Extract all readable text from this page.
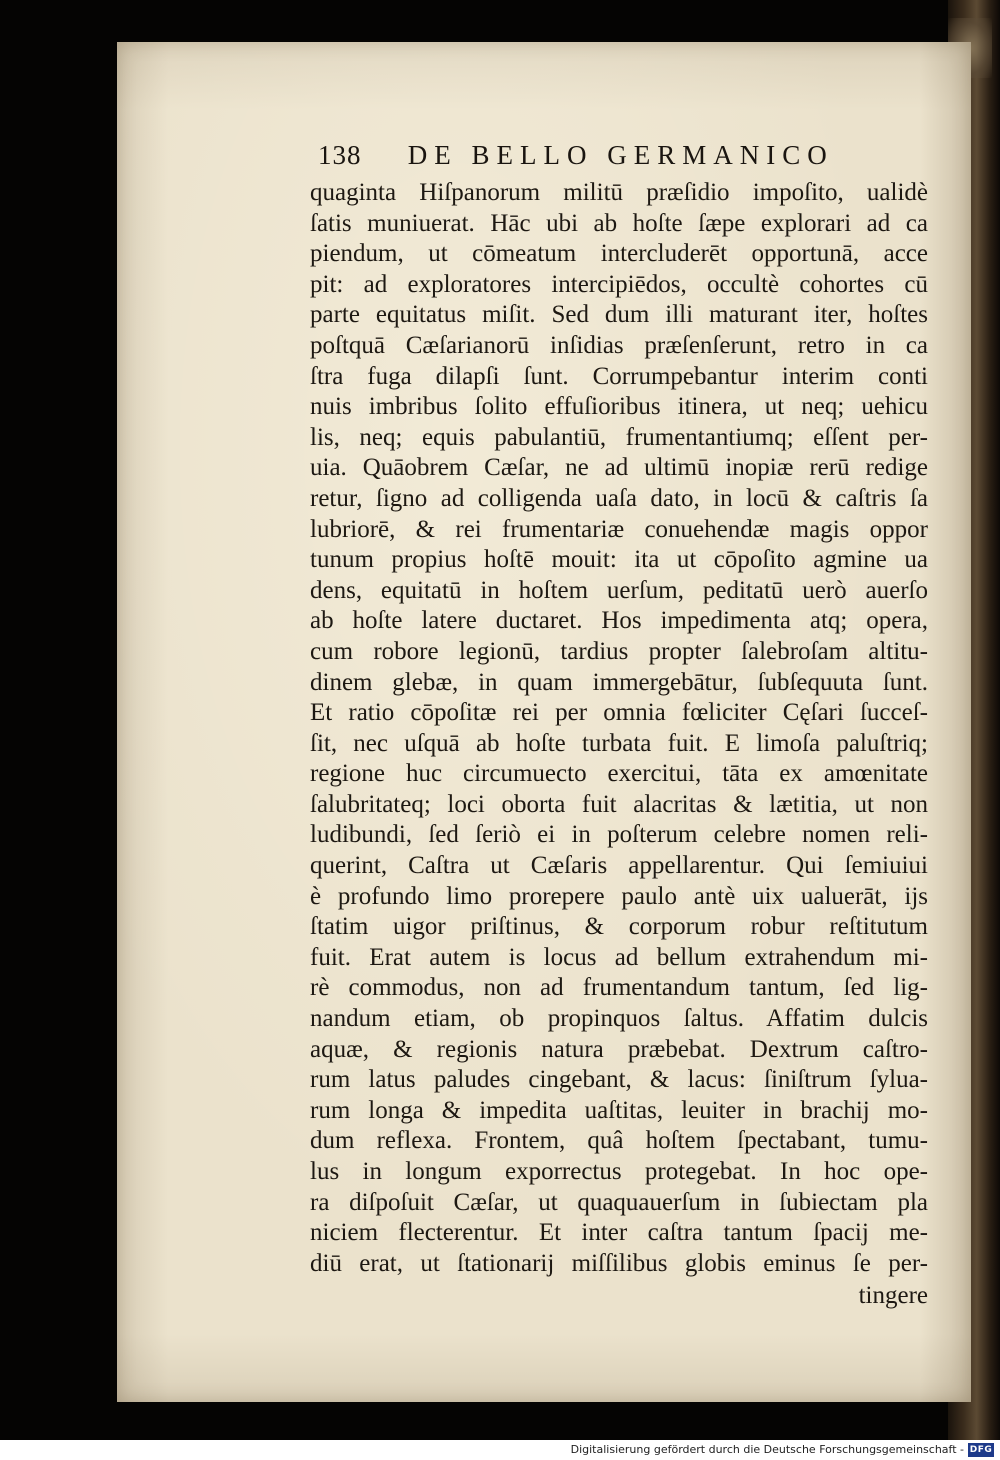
138 DE BELLO GERMANICO
quaginta Hiſpanorum militū præſidio impoſito, ualidè
ſatis muniuerat. Hāc ubi ab hoſte ſæpe explorari ad ca
piendum, ut cōmeatum intercluderēt opportunā, acce
pit: ad exploratores intercipiēdos, occultè cohortes cū
parte equitatus miſit. Sed dum illi maturant iter, hoſtes
poſtquā Cæſarianorū inſidias præſenſerunt, retro in ca
ſtra fuga dilapſi ſunt. Corrumpebantur interim conti
nuis imbribus ſolito effuſioribus itinera, ut neq; uehicu
lis, neq; equis pabulantiū, frumentantiumq; eſſent per-
uia. Quāobrem Cæſar, ne ad ultimū inopiæ rerū redige
retur, ſigno ad colligenda uaſa dato, in locū & caſtris ſa
lubriorē, & rei frumentariæ conuehendæ magis oppor
tunum propius hoſtē mouit: ita ut cōpoſito agmine ua
dens, equitatū in hoſtem uerſum, peditatū uerò auerſo
ab hoſte latere ductaret. Hos impedimenta atq; opera,
cum robore legionū, tardius propter ſalebroſam altitu-
dinem glebæ, in quam immergebātur, ſubſequuta ſunt.
Et ratio cōpoſitæ rei per omnia fœliciter Cęſari ſucceſ-
ſit, nec uſquā ab hoſte turbata fuit. E limoſa paluſtriq;
regione huc circumuecto exercitui, tāta ex amœnitate
ſalubritateq; loci oborta fuit alacritas & lætitia, ut non
ludibundi, ſed ſeriò ei in poſterum celebre nomen reli-
querint, Caſtra ut Cæſaris appellarentur. Qui ſemiuiui
è profundo limo prorepere paulo antè uix ualuerāt, ijs
ſtatim uigor priſtinus, & corporum robur reſtitutum
fuit. Erat autem is locus ad bellum extrahendum mi-
rè commodus, non ad frumentandum tantum, ſed lig-
nandum etiam, ob propinquos ſaltus. Affatim dulcis
aquæ, & regionis natura præbebat. Dextrum caſtro-
rum latus paludes cingebant, & lacus: ſiniſtrum ſylua-
rum longa & impedita uaſtitas, leuiter in brachij mo-
dum reflexa. Frontem, quâ hoſtem ſpectabant, tumu-
lus in longum exporrectus protegebat. In hoc ope-
ra diſpoſuit Cæſar, ut quaquauerſum in ſubiectam pla
niciem flecterentur. Et inter caſtra tantum ſpacij me-
diū erat, ut ſtationarij miſſilibus globis eminus ſe per-
tingere
Digitalisierung gefördert durch die Deutsche Forschungsgemeinschaft - DFG
